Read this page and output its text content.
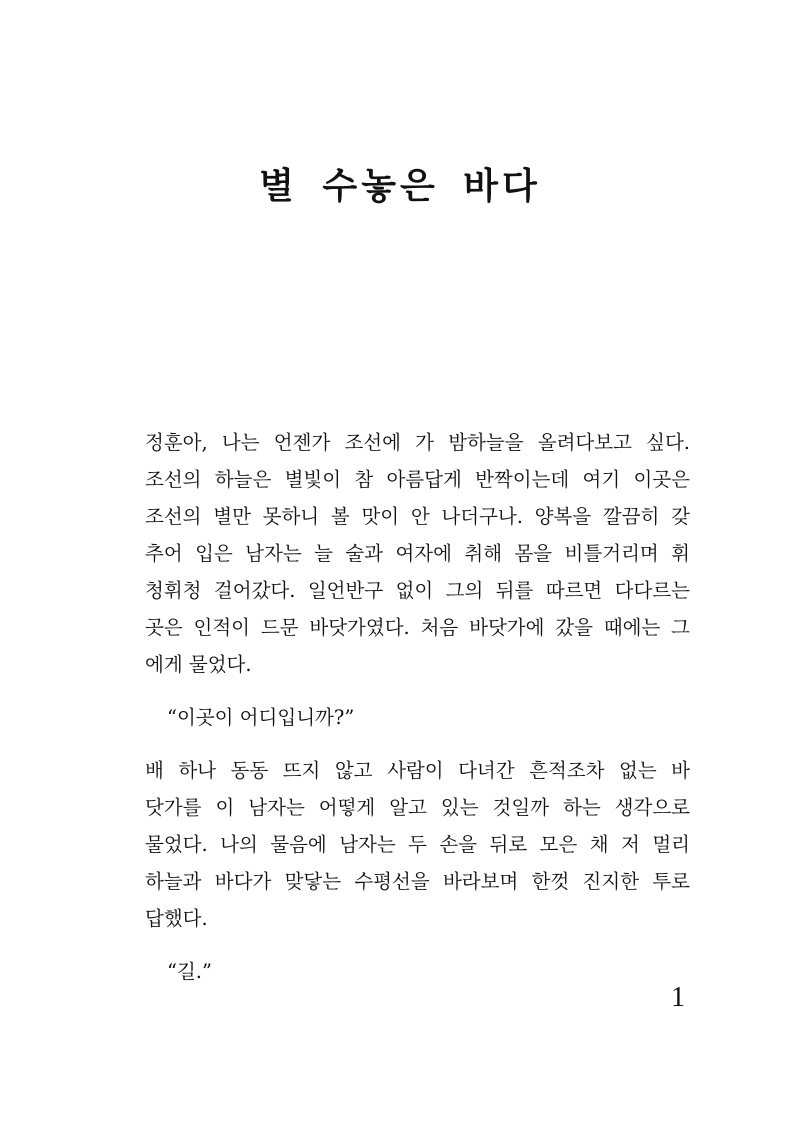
별 수놓은 바다
정훈아, 나는 언젠가 조선에 가 밤하늘을 올려다보고 싶다.
조선의 하늘은 별빛이 참 아름답게 반짝이는데 여기 이곳은
조선의 별만 못하니 볼 맛이 안 나더구나. 양복을 깔끔히 갖
추어 입은 남자는 늘 술과 여자에 취해 몸을 비틀거리며 휘
청휘청 걸어갔다. 일언반구 없이 그의 뒤를 따르면 다다르는
곳은 인적이 드문 바닷가였다. 처음 바닷가에 갔을 때에는 그
에게 물었다.
“이곳이 어디입니까?”
배 하나 동동 뜨지 않고 사람이 다녀간 흔적조차 없는 바
닷가를 이 남자는 어떻게 알고 있는 것일까 하는 생각으로
물었다. 나의 물음에 남자는 두 손을 뒤로 모은 채 저 멀리
하늘과 바다가 맞닿는 수평선을 바라보며 한껏 진지한 투로
답했다.
“길.”
1
